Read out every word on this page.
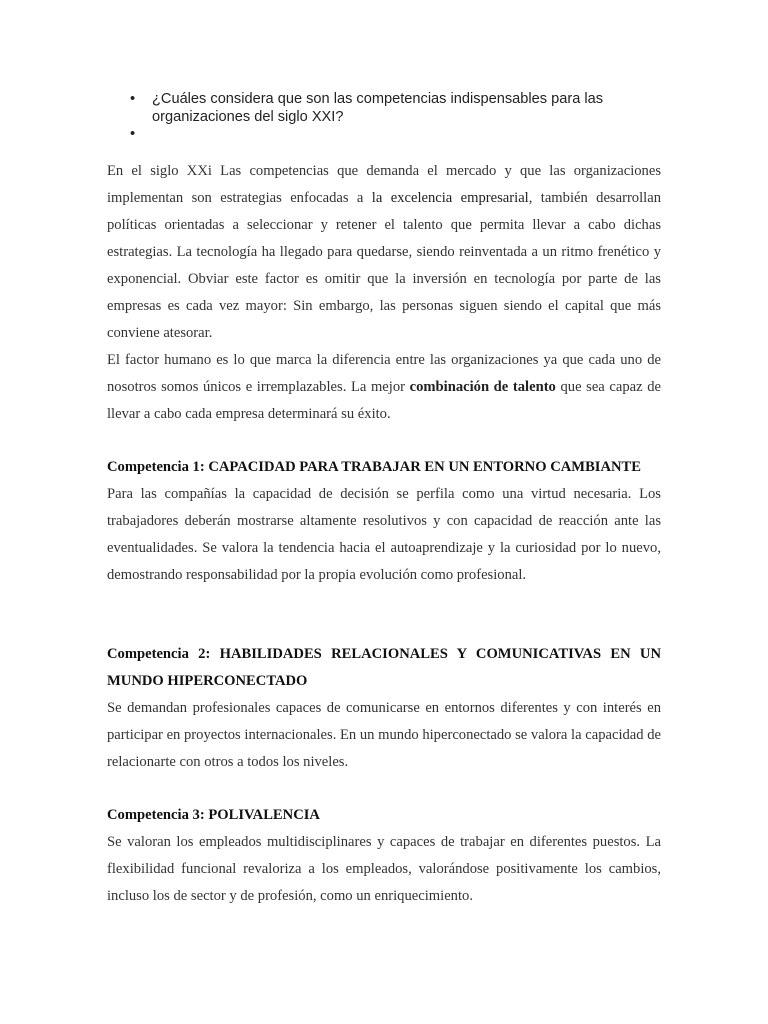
•	¿Cuáles considera que son las competencias indispensables para las organizaciones del siglo XXI?
•

En el siglo XXi Las competencias que demanda el mercado y que las organizaciones implementan son estrategias enfocadas a la excelencia empresarial, también desarrollan políticas orientadas a seleccionar y retener el talento que permita llevar a cabo dichas estrategias. La tecnología ha llegado para quedarse, siendo reinventada a un ritmo frenético y exponencial. Obviar este factor es omitir que la inversión en tecnología por parte de las empresas es cada vez mayor: Sin embargo, las personas siguen siendo el capital que más conviene atesorar.

El factor humano es lo que marca la diferencia entre las organizaciones ya que cada uno de nosotros somos únicos e irremplazables. La mejor combinación de talento que sea capaz de llevar a cabo cada empresa determinará su éxito.

Competencia 1: CAPACIDAD PARA TRABAJAR EN UN ENTORNO CAMBIANTE

Para las compañías la capacidad de decisión se perfila como una virtud necesaria. Los trabajadores deberán mostrarse altamente resolutivos y con capacidad de reacción ante las eventualidades. Se valora la tendencia hacia el autoaprendizaje y la curiosidad por lo nuevo, demostrando responsabilidad por la propia evolución como profesional.

Competencia 2: HABILIDADES RELACIONALES Y COMUNICATIVAS EN UN MUNDO HIPERCONECTADO

Se demandan profesionales capaces de comunicarse en entornos diferentes y con interés en participar en proyectos internacionales. En un mundo hiperconectado se valora la capacidad de relacionarte con otros a todos los niveles.

Competencia 3: POLIVALENCIA

Se valoran los empleados multidisciplinares y capaces de trabajar en diferentes puestos. La flexibilidad funcional revaloriza a los empleados, valorándose positivamente los cambios, incluso los de sector y de profesión, como un enriquecimiento.
